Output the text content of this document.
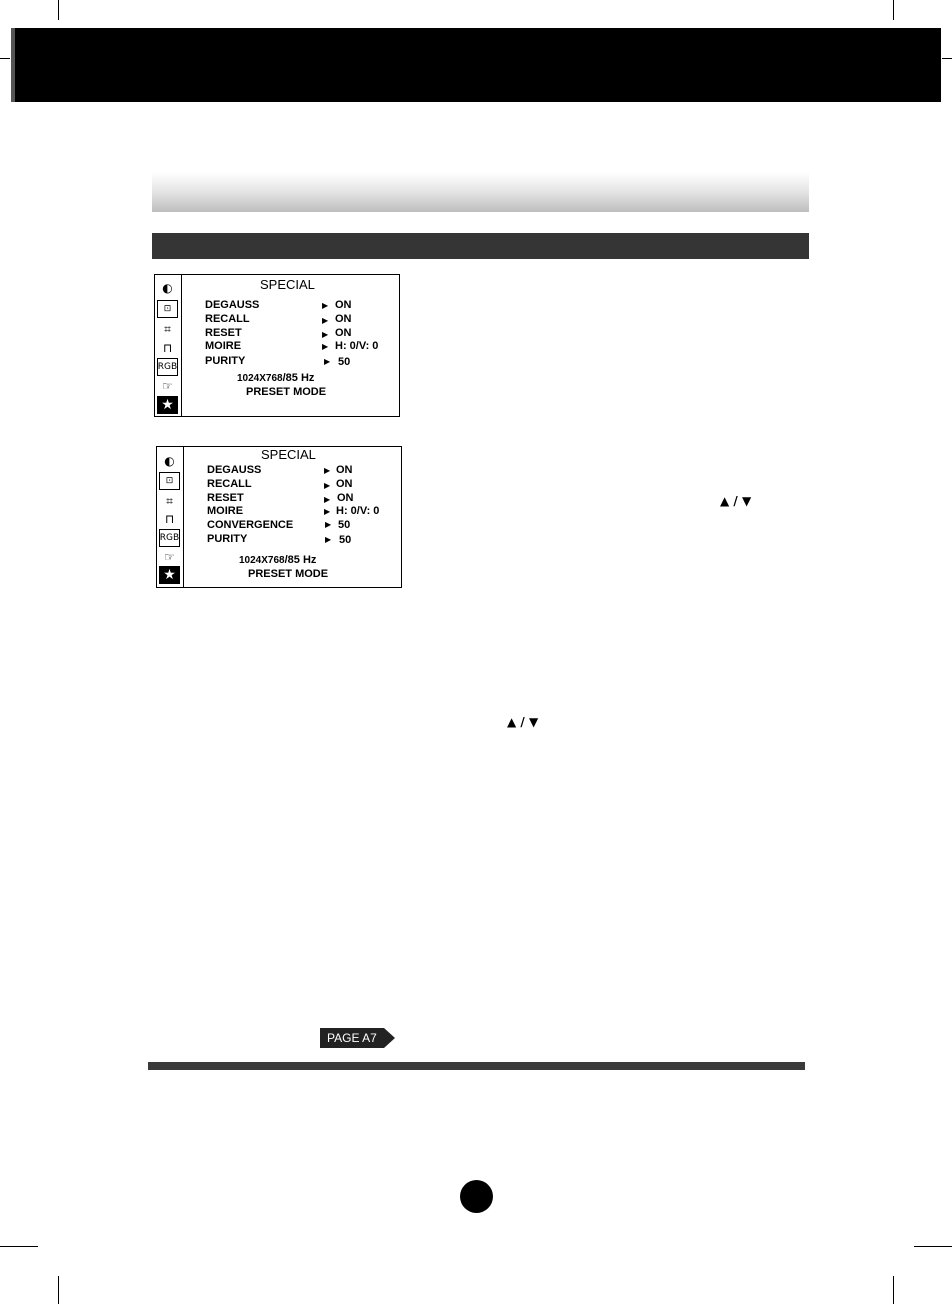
◐
⊡
⌗
⊓
RGB
☞
★
SPECIAL
DEGAUSS	▶ ON
RECALL	▶ ON
RESET	▶ ON
MOIRE	▶ H: 0/V: 0
PURITY	▶ 50
1024X768/85 Hz
PRESET MODE
◐
⊡
⌗
⊓
RGB
☞
★
SPECIAL
DEGAUSS	▶ ON
RECALL	▶ ON
RESET	▶ ON
MOIRE	▶ H: 0/V: 0
CONVERGENCE	▶ 50
PURITY	▶ 50
1024X768/85 Hz
PRESET MODE
▲ / ▼
▲ / ▼
PAGE A7
